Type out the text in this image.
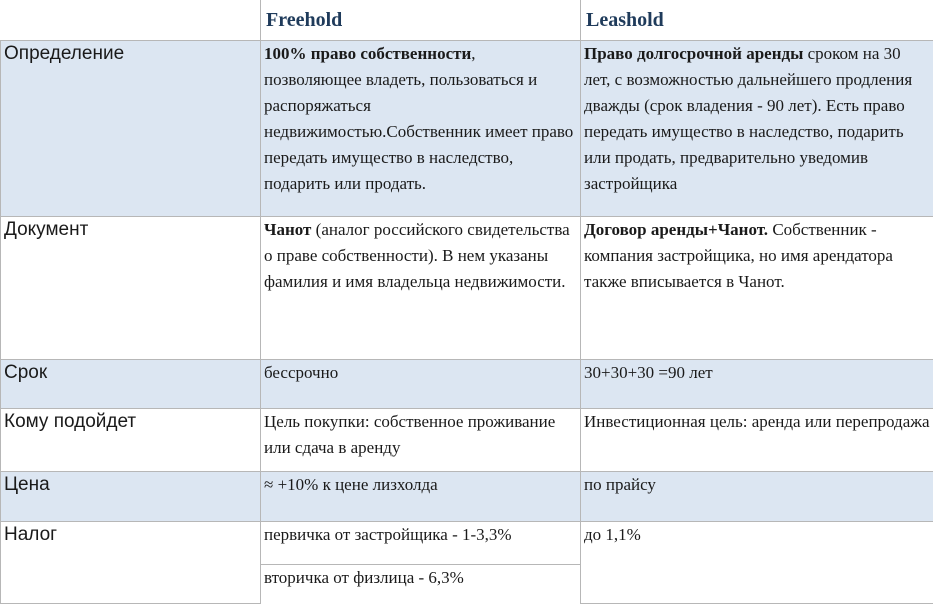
	Freehold	Leashold
Определение	100% право собственности, позволяющее владеть, пользоваться и распоряжаться недвижимостью.Собственник имеет право передать имущество в наследство, подарить или продать.	Право долгосрочной аренды сроком на 30 лет, с возможностью дальнейшего продления дважды (срок владения - 90 лет). Есть право передать имущество в наследство, подарить или продать, предварительно уведомив застройщика
Документ	Чанот (аналог российского свидетельства о праве собственности). В нем указаны фамилия и имя владельца недвижимости.	Договор аренды+Чанот. Собственник - компания застройщика, но имя арендатора также вписывается в Чанот.
Срок	бессрочно	30+30+30 =90 лет
Кому подойдет	Цель покупки: собственное проживание или сдача в аренду	Инвестиционная цель: аренда или перепродажа
Цена	≈ +10% к цене лизхолда	по прайсу
Налог	первичка от застройщика - 1-3,3%	до 1,1%
	вторичка от физлица - 6,3%	
